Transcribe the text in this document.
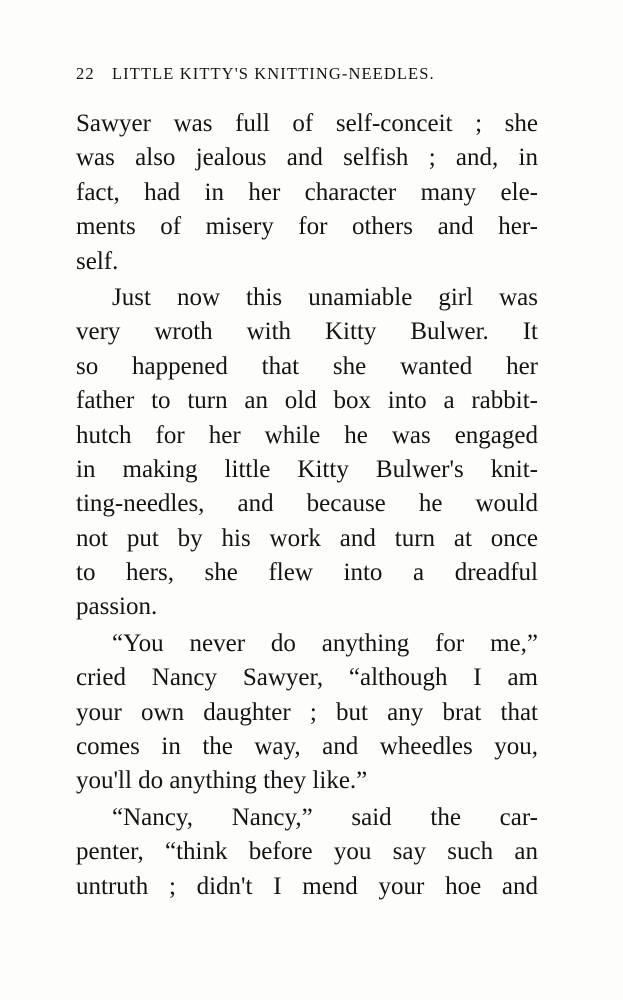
22 LITTLE KITTY'S KNITTING-NEEDLES.
Sawyer was full of self-conceit ; she
was also jealous and selfish ; and, in
fact, had in her character many ele-
ments of misery for others and her-
self.
Just now this unamiable girl was
very wroth with Kitty Bulwer. It
so happened that she wanted her
father to turn an old box into a rabbit-
hutch for her while he was engaged
in making little Kitty Bulwer's knit-
ting-needles, and because he would
not put by his work and turn at once
to hers, she flew into a dreadful
passion.
“You never do anything for me,”
cried Nancy Sawyer, “although I am
your own daughter ; but any brat that
comes in the way, and wheedles you,
you'll do anything they like.”
“Nancy, Nancy,” said the car-
penter, “think before you say such an
untruth ; didn't I mend your hoe and
